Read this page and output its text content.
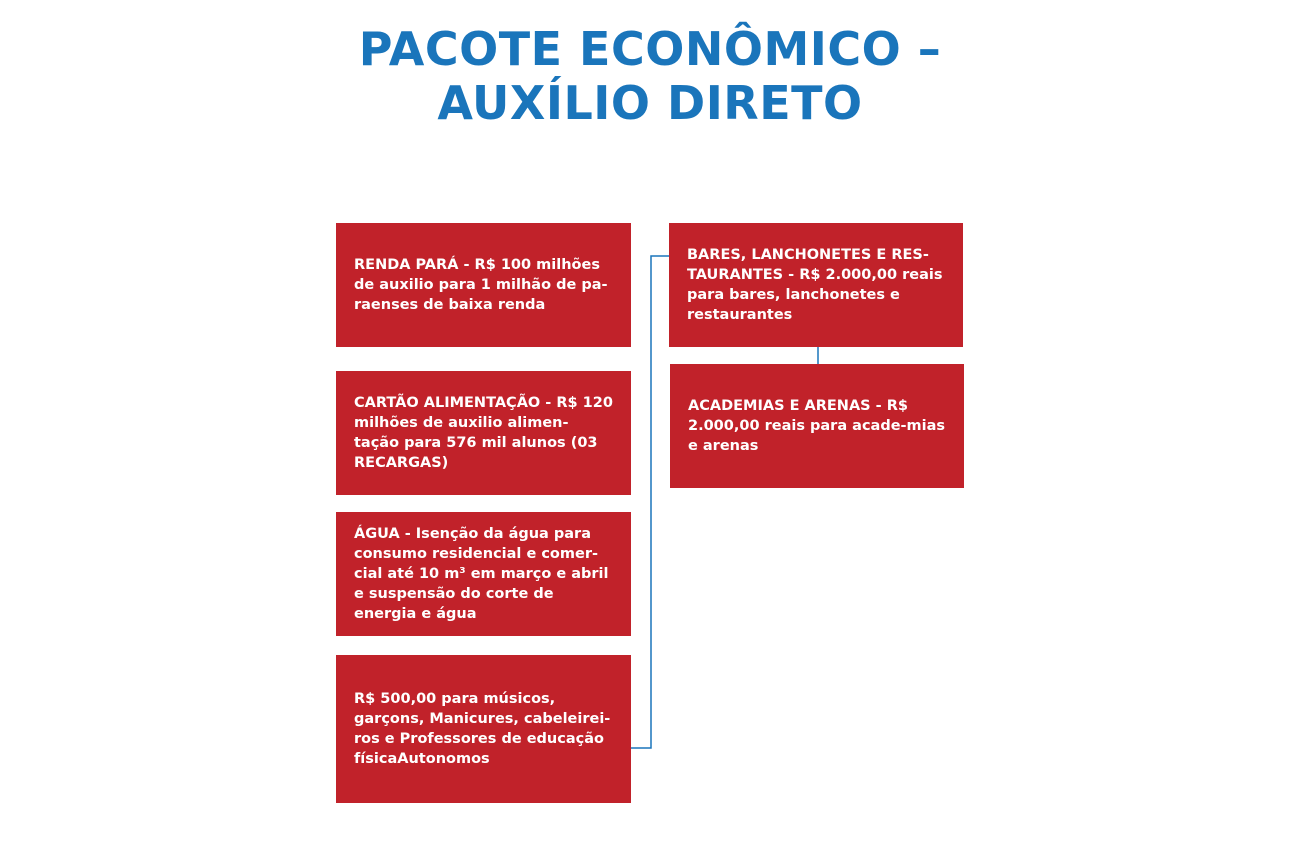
PACOTE ECONÔMICO –
AUXÍLIO DIRETO
RENDA PARÁ - R$ 100 milhões de auxilio para 1 milhão de pa-raenses de baixa renda
CARTÃO ALIMENTAÇÃO - R$ 120 milhões de auxilio alimen-tação para 576 mil alunos (03 RECARGAS)
ÁGUA - Isenção da água para consumo residencial e comer-cial até 10 m³ em março e abril e suspensão do corte de energia e água
R$ 500,00 para músicos, garçons, Manicures, cabeleirei-ros e Professores de educação físicaAutonomos
BARES, LANCHONETES E RES-TAURANTES - R$ 2.000,00 reais para bares, lanchonetes e restaurantes
ACADEMIAS E ARENAS - R$ 2.000,00 reais para acade-mias e arenas
